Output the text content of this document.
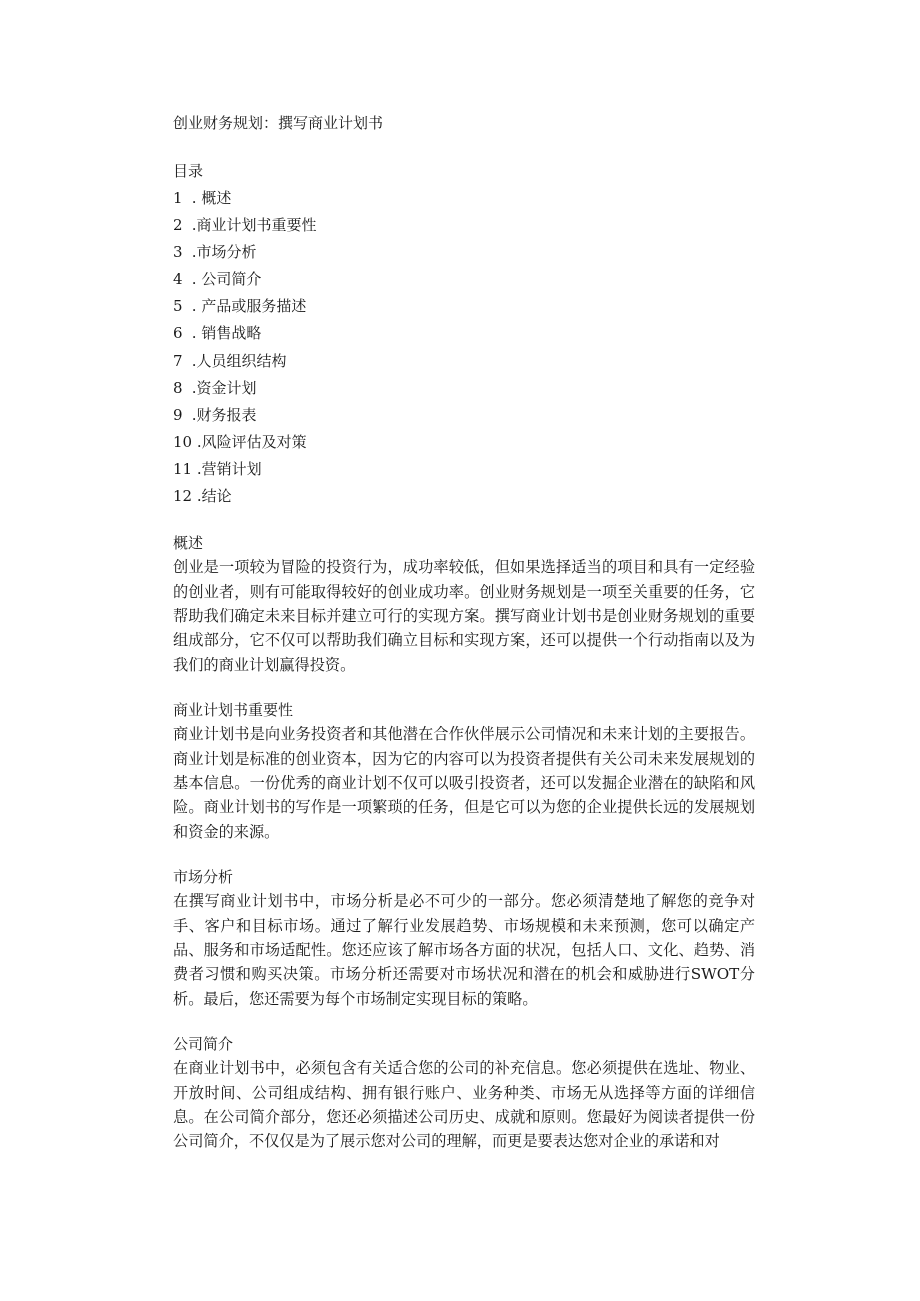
创业财务规划：撰写商业计划书
目录
1 . 概述
2 .商业计划书重要性
3 .市场分析
4 . 公司简介
5 . 产品或服务描述
6 . 销售战略
7 .人员组织结构
8 .资金计划
9 .财务报表
10 .风险评估及对策
11 .营销计划
12 .结论
概述

创业是一项较为冒险的投资行为，成功率较低，但如果选择适当的项目和具有一定经验的创业者，则有可能取得较好的创业成功率。创业财务规划是一项至关重要的任务，它帮助我们确定未来目标并建立可行的实现方案。撰写商业计划书是创业财务规划的重要组成部分，它不仅可以帮助我们确立目标和实现方案，还可以提供一个行动指南以及为我们的商业计划赢得投资。

商业计划书重要性

商业计划书是向业务投资者和其他潜在合作伙伴展示公司情况和未来计划的主要报告。商业计划是标准的创业资本，因为它的内容可以为投资者提供有关公司未来发展规划的基本信息。一份优秀的商业计划不仅可以吸引投资者，还可以发掘企业潜在的缺陷和风险。商业计划书的写作是一项繁琐的任务，但是它可以为您的企业提供长远的发展规划和资金的来源。

市场分析

在撰写商业计划书中，市场分析是必不可少的一部分。您必须清楚地了解您的竞争对手、客户和目标市场。通过了解行业发展趋势、市场规模和未来预测，您可以确定产品、服务和市场适配性。您还应该了解市场各方面的状况，包括人口、文化、趋势、消费者习惯和购买决策。市场分析还需要对市场状况和潜在的机会和威胁进行SWOT分析。最后，您还需要为每个市场制定实现目标的策略。

公司简介

在商业计划书中，必须包含有关适合您的公司的补充信息。您必须提供在选址、物业、开放时间、公司组成结构、拥有银行账户、业务种类、市场无从选择等方面的详细信息。在公司简介部分，您还必须描述公司历史、成就和原则。您最好为阅读者提供一份公司简介，不仅仅是为了展示您对公司的理解，而更是要表达您对企业的承诺和对
